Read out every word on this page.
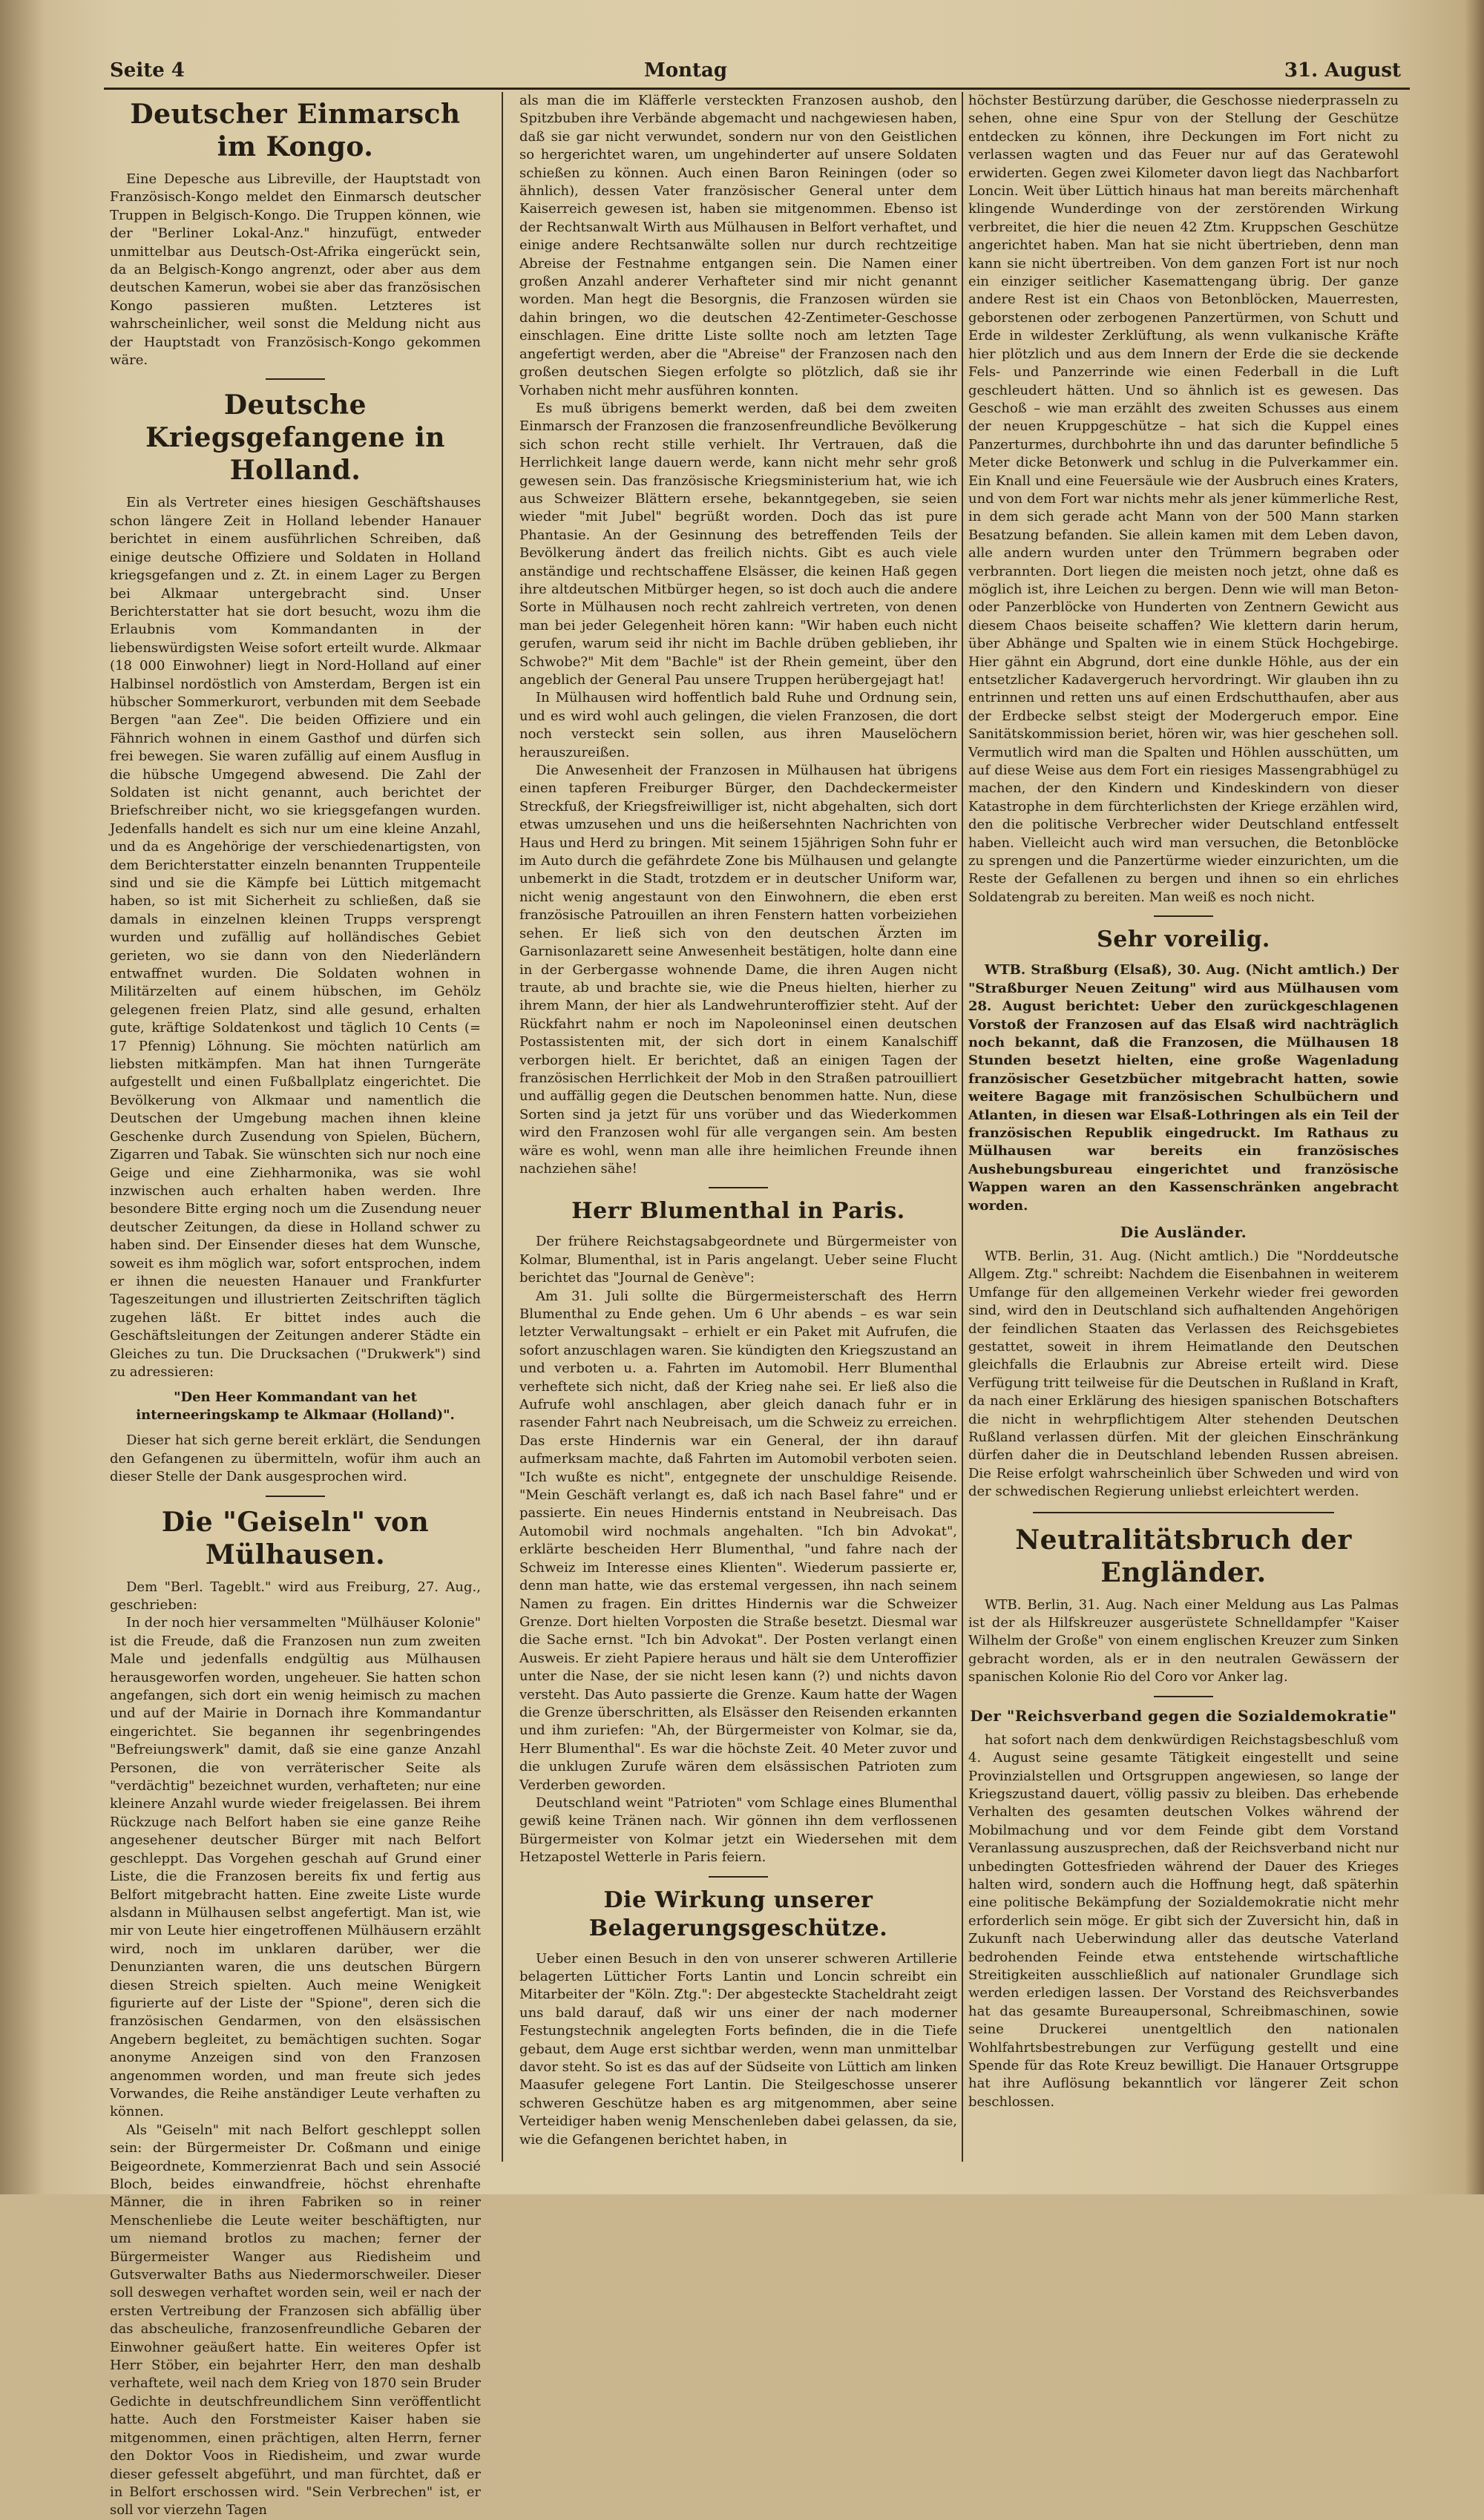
Seite 4	Montag	31. August
Deutscher Einmarsch im Kongo.

Eine Depesche aus Libreville, der Hauptstadt von Französisch-Kongo meldet den Einmarsch deutscher Truppen in Belgisch-Kongo. Die Truppen können, wie der "Berliner Lokal-Anz." hinzufügt, entweder unmittelbar aus Deutsch-Ost-Afrika eingerückt sein, da an Belgisch-Kongo angrenzt, oder aber aus dem deutschen Kamerun, wobei sie aber das französischen Kongo passieren mußten. Letzteres ist wahrscheinlicher, weil sonst die Meldung nicht aus der Hauptstadt von Französisch-Kongo gekommen wäre.

Deutsche Kriegsgefangene in Holland.

Ein als Vertreter eines hiesigen Geschäftshauses schon längere Zeit in Holland lebender Hanauer berichtet in einem ausführlichen Schreiben, daß einige deutsche Offiziere und Soldaten in Holland kriegsgefangen und z. Zt. in einem Lager zu Bergen bei Alkmaar untergebracht sind. Unser Berichterstatter hat sie dort besucht, wozu ihm die Erlaubnis vom Kommandanten in der liebenswürdigsten Weise sofort erteilt wurde. Alkmaar (18 000 Einwohner) liegt in Nord-Holland auf einer Halbinsel nordöstlich von Amsterdam, Bergen ist ein hübscher Sommerkurort, verbunden mit dem Seebade Bergen "aan Zee". Die beiden Offiziere und ein Fähnrich wohnen in einem Gasthof und dürfen sich frei bewegen. Sie waren zufällig auf einem Ausflug in die hübsche Umgegend abwesend. Die Zahl der Soldaten ist nicht genannt, auch berichtet der Briefschreiber nicht, wo sie kriegsgefangen wurden. Jedenfalls handelt es sich nur um eine kleine Anzahl, und da es Angehörige der verschiedenartigsten, von dem Berichterstatter einzeln benannten Truppenteile sind und sie die Kämpfe bei Lüttich mitgemacht haben, so ist mit Sicherheit zu schließen, daß sie damals in einzelnen kleinen Trupps versprengt wurden und zufällig auf holländisches Gebiet gerieten, wo sie dann von den Niederländern entwaffnet wurden. Die Soldaten wohnen in Militärzelten auf einem hübschen, im Gehölz gelegenen freien Platz, sind alle gesund, erhalten gute, kräftige Soldatenkost und täglich 10 Cents (= 17 Pfennig) Löhnung. Sie möchten natürlich am liebsten mitkämpfen. Man hat ihnen Turngeräte aufgestellt und einen Fußballplatz eingerichtet. Die Bevölkerung von Alkmaar und namentlich die Deutschen der Umgebung machen ihnen kleine Geschenke durch Zusendung von Spielen, Büchern, Zigarren und Tabak. Sie wünschten sich nur noch eine Geige und eine Ziehharmonika, was sie wohl inzwischen auch erhalten haben werden. Ihre besondere Bitte erging noch um die Zusendung neuer deutscher Zeitungen, da diese in Holland schwer zu haben sind. Der Einsender dieses hat dem Wunsche, soweit es ihm möglich war, sofort entsprochen, indem er ihnen die neuesten Hanauer und Frankfurter Tageszeitungen und illustrierten Zeitschriften täglich zugehen läßt. Er bittet indes auch die Geschäftsleitungen der Zeitungen anderer Städte ein Gleiches zu tun. Die Drucksachen ("Drukwerk") sind zu adressieren:

"Den Heer Kommandant van het interneeringskamp te Alkmaar (Holland)".

Dieser hat sich gerne bereit erklärt, die Sendungen den Gefangenen zu übermitteln, wofür ihm auch an dieser Stelle der Dank ausgesprochen wird.

Die "Geiseln" von Mülhausen.

Dem "Berl. Tageblt." wird aus Freiburg, 27. Aug., geschrieben:

In der noch hier versammelten "Mülhäuser Kolonie" ist die Freude, daß die Franzosen nun zum zweiten Male und jedenfalls endgültig aus Mülhausen herausgeworfen worden, ungeheuer. Sie hatten schon angefangen, sich dort ein wenig heimisch zu machen und auf der Mairie in Dornach ihre Kommandantur eingerichtet. Sie begannen ihr segenbringendes "Befreiungswerk" damit, daß sie eine ganze Anzahl Personen, die von verräterischer Seite als "verdächtig" bezeichnet wurden, verhafteten; nur eine kleinere Anzahl wurde wieder freigelassen. Bei ihrem Rückzuge nach Belfort haben sie eine ganze Reihe angesehener deutscher Bürger mit nach Belfort geschleppt. Das Vorgehen geschah auf Grund einer Liste, die die Franzosen bereits fix und fertig aus Belfort mitgebracht hatten. Eine zweite Liste wurde alsdann in Mülhausen selbst angefertigt. Man ist, wie mir von Leute hier eingetroffenen Mülhäusern erzählt wird, noch im unklaren darüber, wer die Denunzianten waren, die uns deutschen Bürgern diesen Streich spielten. Auch meine Wenigkeit figurierte auf der Liste der "Spione", deren sich die französischen Gendarmen, von den elsässischen Angebern begleitet, zu bemächtigen suchten. Sogar anonyme Anzeigen sind von den Franzosen angenommen worden, und man freute sich jedes Vorwandes, die Reihe anständiger Leute verhaften zu können.

Als "Geiseln" mit nach Belfort geschleppt sollen sein: der Bürgermeister Dr. Coßmann und einige Beigeordnete, Kommerzienrat Bach und sein Associé Bloch, beides einwandfreie, höchst ehrenhafte Männer, die in ihren Fabriken so in reiner Menschenliebe die Leute weiter beschäftigten, nur um niemand brotlos zu machen; ferner der Bürgermeister Wanger aus Riedisheim und Gutsverwalter Baths aus Niedermorschweiler. Dieser soll deswegen verhaftet worden sein, weil er nach der ersten Vertreibung der Franzosen sich abfällig über das abscheuliche, franzosenfreundliche Gebaren der Einwohner geäußert hatte. Ein weiteres Opfer ist Herr Stöber, ein bejahrter Herr, den man deshalb verhaftete, weil nach dem Krieg von 1870 sein Bruder Gedichte in deutschfreundlichem Sinn veröffentlicht hatte. Auch den Forstmeister Kaiser haben sie mitgenommen, einen prächtigen, alten Herrn, ferner den Doktor Voos in Riedisheim, und zwar wurde dieser gefesselt abgeführt, und man fürchtet, daß er in Belfort erschossen wird. "Sein Verbrechen" ist, er soll vor vierzehn Tagen

als man die im Kläfferle versteckten Franzosen aushob, den Spitzbuben ihre Verbände abgemacht und nachgewiesen haben, daß sie gar nicht verwundet, sondern nur von den Geistlichen so hergerichtet waren, um ungehinderter auf unsere Soldaten schießen zu können. Auch einen Baron Reiningen (oder so ähnlich), dessen Vater französischer General unter dem Kaiserreich gewesen ist, haben sie mitgenommen. Ebenso ist der Rechtsanwalt Wirth aus Mülhausen in Belfort verhaftet, und einige andere Rechtsanwälte sollen nur durch rechtzeitige Abreise der Festnahme entgangen sein. Die Namen einer großen Anzahl anderer Verhafteter sind mir nicht genannt worden. Man hegt die Besorgnis, die Franzosen würden sie dahin bringen, wo die deutschen 42-Zentimeter-Geschosse einschlagen. Eine dritte Liste sollte noch am letzten Tage angefertigt werden, aber die "Abreise" der Franzosen nach den großen deutschen Siegen erfolgte so plötzlich, daß sie ihr Vorhaben nicht mehr ausführen konnten.

Es muß übrigens bemerkt werden, daß bei dem zweiten Einmarsch der Franzosen die franzosenfreundliche Bevölkerung sich schon recht stille verhielt. Ihr Vertrauen, daß die Herrlichkeit lange dauern werde, kann nicht mehr sehr groß gewesen sein. Das französische Kriegsministerium hat, wie ich aus Schweizer Blättern ersehe, bekanntgegeben, sie seien wieder "mit Jubel" begrüßt worden. Doch das ist pure Phantasie. An der Gesinnung des betreffenden Teils der Bevölkerung ändert das freilich nichts. Gibt es auch viele anständige und rechtschaffene Elsässer, die keinen Haß gegen ihre altdeutschen Mitbürger hegen, so ist doch auch die andere Sorte in Mülhausen noch recht zahlreich vertreten, von denen man bei jeder Gelegenheit hören kann: "Wir haben euch nicht gerufen, warum seid ihr nicht im Bachle drüben geblieben, ihr Schwobe?" Mit dem "Bachle" ist der Rhein gemeint, über den angeblich der General Pau unsere Truppen herübergejagt hat!

In Mülhausen wird hoffentlich bald Ruhe und Ordnung sein, und es wird wohl auch gelingen, die vielen Franzosen, die dort noch versteckt sein sollen, aus ihren Mauselöchern herauszureißen.

Die Anwesenheit der Franzosen in Mülhausen hat übrigens einen tapferen Freiburger Bürger, den Dachdeckermeister Streckfuß, der Kriegsfreiwilliger ist, nicht abgehalten, sich dort etwas umzusehen und uns die heißersehnten Nachrichten von Haus und Herd zu bringen. Mit seinem 15jährigen Sohn fuhr er im Auto durch die gefährdete Zone bis Mülhausen und gelangte unbemerkt in die Stadt, trotzdem er in deutscher Uniform war, nicht wenig angestaunt von den Einwohnern, die eben erst französische Patrouillen an ihren Fenstern hatten vorbeiziehen sehen. Er ließ sich von den deutschen Ärzten im Garnisonlazarett seine Anwesenheit bestätigen, holte dann eine in der Gerbergasse wohnende Dame, die ihren Augen nicht traute, ab und brachte sie, wie die Pneus hielten, hierher zu ihrem Mann, der hier als Landwehrunteroffizier steht. Auf der Rückfahrt nahm er noch im Napoleoninsel einen deutschen Postassistenten mit, der sich dort in einem Kanalschiff verborgen hielt. Er berichtet, daß an einigen Tagen der französischen Herrlichkeit der Mob in den Straßen patrouilliert und auffällig gegen die Deutschen benommen hatte. Nun, diese Sorten sind ja jetzt für uns vorüber und das Wiederkommen wird den Franzosen wohl für alle vergangen sein. Am besten wäre es wohl, wenn man alle ihre heimlichen Freunde ihnen nachziehen sähe!

Herr Blumenthal in Paris.

Der frühere Reichstagsabgeordnete und Bürgermeister von Kolmar, Blumenthal, ist in Paris angelangt. Ueber seine Flucht berichtet das "Journal de Genève":

Am 31. Juli sollte die Bürgermeisterschaft des Herrn Blumenthal zu Ende gehen. Um 6 Uhr abends – es war sein letzter Verwaltungsakt – erhielt er ein Paket mit Aufrufen, die sofort anzuschlagen waren. Sie kündigten den Kriegszustand an und verboten u. a. Fahrten im Automobil. Herr Blumenthal verheftete sich nicht, daß der Krieg nahe sei. Er ließ also die Aufrufe wohl anschlagen, aber gleich danach fuhr er in rasender Fahrt nach Neubreisach, um die Schweiz zu erreichen. Das erste Hindernis war ein General, der ihn darauf aufmerksam machte, daß Fahrten im Automobil verboten seien. "Ich wußte es nicht", entgegnete der unschuldige Reisende. "Mein Geschäft verlangt es, daß ich nach Basel fahre" und er passierte. Ein neues Hindernis entstand in Neubreisach. Das Automobil wird nochmals angehalten. "Ich bin Advokat", erklärte bescheiden Herr Blumenthal, "und fahre nach der Schweiz im Interesse eines Klienten". Wiederum passierte er, denn man hatte, wie das erstemal vergessen, ihn nach seinem Namen zu fragen. Ein drittes Hindernis war die Schweizer Grenze. Dort hielten Vorposten die Straße besetzt. Diesmal war die Sache ernst. "Ich bin Advokat". Der Posten verlangt einen Ausweis. Er zieht Papiere heraus und hält sie dem Unteroffizier unter die Nase, der sie nicht lesen kann (?) und nichts davon versteht. Das Auto passierte die Grenze. Kaum hatte der Wagen die Grenze überschritten, als Elsässer den Reisenden erkannten und ihm zuriefen: "Ah, der Bürgermeister von Kolmar, sie da, Herr Blumenthal". Es war die höchste Zeit. 40 Meter zuvor und die unklugen Zurufe wären dem elsässischen Patrioten zum Verderben geworden.

Deutschland weint "Patrioten" vom Schlage eines Blumenthal gewiß keine Tränen nach. Wir gönnen ihn dem verflossenen Bürgermeister von Kolmar jetzt ein Wiedersehen mit dem Hetzapostel Wetterle in Paris feiern.

Die Wirkung unserer Belagerungsgeschütze.

Ueber einen Besuch in den von unserer schweren Artillerie belagerten Lütticher Forts Lantin und Loncin schreibt ein Mitarbeiter der "Köln. Ztg.": Der abgesteckte Stacheldraht zeigt uns bald darauf, daß wir uns einer der nach moderner Festungstechnik angelegten Forts befinden, die in die Tiefe gebaut, dem Auge erst sichtbar werden, wenn man unmittelbar davor steht. So ist es das auf der Südseite von Lüttich am linken Maasufer gelegene Fort Lantin. Die Steilgeschosse unserer schweren Geschütze haben es arg mitgenommen, aber seine Verteidiger haben wenig Menschenleben dabei gelassen, da sie, wie die Gefangenen berichtet haben, in

höchster Bestürzung darüber, die Geschosse niederprasseln zu sehen, ohne eine Spur von der Stellung der Geschütze entdecken zu können, ihre Deckungen im Fort nicht zu verlassen wagten und das Feuer nur auf das Geratewohl erwiderten. Gegen zwei Kilometer davon liegt das Nachbarfort Loncin. Weit über Lüttich hinaus hat man bereits märchenhaft klingende Wunderdinge von der zerstörenden Wirkung verbreitet, die hier die neuen 42 Ztm. Kruppschen Geschütze angerichtet haben. Man hat sie nicht übertrieben, denn man kann sie nicht übertreiben. Von dem ganzen Fort ist nur noch ein einziger seitlicher Kasemattengang übrig. Der ganze andere Rest ist ein Chaos von Betonblöcken, Mauerresten, geborstenen oder zerbogenen Panzertürmen, von Schutt und Erde in wildester Zerklüftung, als wenn vulkanische Kräfte hier plötzlich und aus dem Innern der Erde die sie deckende Fels- und Panzerrinde wie einen Federball in die Luft geschleudert hätten. Und so ähnlich ist es gewesen. Das Geschoß – wie man erzählt des zweiten Schusses aus einem der neuen Kruppgeschütze – hat sich die Kuppel eines Panzerturmes, durchbohrte ihn und das darunter befindliche 5 Meter dicke Betonwerk und schlug in die Pulverkammer ein. Ein Knall und eine Feuersäule wie der Ausbruch eines Kraters, und von dem Fort war nichts mehr als jener kümmerliche Rest, in dem sich gerade acht Mann von der 500 Mann starken Besatzung befanden. Sie allein kamen mit dem Leben davon, alle andern wurden unter den Trümmern begraben oder verbrannten. Dort liegen die meisten noch jetzt, ohne daß es möglich ist, ihre Leichen zu bergen. Denn wie will man Beton- oder Panzerblöcke von Hunderten von Zentnern Gewicht aus diesem Chaos beiseite schaffen? Wie klettern darin herum, über Abhänge und Spalten wie in einem Stück Hochgebirge. Hier gähnt ein Abgrund, dort eine dunkle Höhle, aus der ein entsetzlicher Kadavergeruch hervordringt. Wir glauben ihn zu entrinnen und retten uns auf einen Erdschutthaufen, aber aus der Erdbecke selbst steigt der Modergeruch empor. Eine Sanitätskommission beriet, hören wir, was hier geschehen soll. Vermutlich wird man die Spalten und Höhlen ausschütten, um auf diese Weise aus dem Fort ein riesiges Massengrabhügel zu machen, der den Kindern und Kindeskindern von dieser Katastrophe in dem fürchterlichsten der Kriege erzählen wird, den die politische Verbrecher wider Deutschland entfesselt haben. Vielleicht auch wird man versuchen, die Betonblöcke zu sprengen und die Panzertürme wieder einzurichten, um die Reste der Gefallenen zu bergen und ihnen so ein ehrliches Soldatengrab zu bereiten. Man weiß es noch nicht.

Sehr voreilig.

WTB. Straßburg (Elsaß), 30. Aug. (Nicht amtlich.) Der "Straßburger Neuen Zeitung" wird aus Mülhausen vom 28. August berichtet: Ueber den zurückgeschlagenen Vorstoß der Franzosen auf das Elsaß wird nachträglich noch bekannt, daß die Franzosen, die Mülhausen 18 Stunden besetzt hielten, eine große Wagenladung französischer Gesetzbücher mitgebracht hatten, sowie weitere Bagage mit französischen Schulbüchern und Atlanten, in diesen war Elsaß-Lothringen als ein Teil der französischen Republik eingedruckt. Im Rathaus zu Mülhausen war bereits ein französisches Aushebungsbureau eingerichtet und französische Wappen waren an den Kassenschränken angebracht worden.

Die Ausländer.

WTB. Berlin, 31. Aug. (Nicht amtlich.) Die "Norddeutsche Allgem. Ztg." schreibt: Nachdem die Eisenbahnen in weiterem Umfange für den allgemeinen Verkehr wieder frei geworden sind, wird den in Deutschland sich aufhaltenden Angehörigen der feindlichen Staaten das Verlassen des Reichsgebietes gestattet, soweit in ihrem Heimatlande den Deutschen gleichfalls die Erlaubnis zur Abreise erteilt wird. Diese Verfügung tritt teilweise für die Deutschen in Rußland in Kraft, da nach einer Erklärung des hiesigen spanischen Botschafters die nicht in wehrpflichtigem Alter stehenden Deutschen Rußland verlassen dürfen. Mit der gleichen Einschränkung dürfen daher die in Deutschland lebenden Russen abreisen. Die Reise erfolgt wahrscheinlich über Schweden und wird von der schwedischen Regierung unliebst erleichtert werden.

Neutralitätsbruch der Engländer.

WTB. Berlin, 31. Aug. Nach einer Meldung aus Las Palmas ist der als Hilfskreuzer ausgerüstete Schnelldampfer "Kaiser Wilhelm der Große" von einem englischen Kreuzer zum Sinken gebracht worden, als er in den neutralen Gewässern der spanischen Kolonie Rio del Coro vor Anker lag.

Der "Reichsverband gegen die Sozialdemokratie"

hat sofort nach dem denkwürdigen Reichstagsbeschluß vom 4. August seine gesamte Tätigkeit eingestellt und seine Provinzialstellen und Ortsgruppen angewiesen, so lange der Kriegszustand dauert, völlig passiv zu bleiben. Das erhebende Verhalten des gesamten deutschen Volkes während der Mobilmachung und vor dem Feinde gibt dem Vorstand Veranlassung auszusprechen, daß der Reichsverband nicht nur unbedingten Gottesfrieden während der Dauer des Krieges halten wird, sondern auch die Hoffnung hegt, daß späterhin eine politische Bekämpfung der Sozialdemokratie nicht mehr erforderlich sein möge. Er gibt sich der Zuversicht hin, daß in Zukunft nach Ueberwindung aller das deutsche Vaterland bedrohenden Feinde etwa entstehende wirtschaftliche Streitigkeiten ausschließlich auf nationaler Grundlage sich werden erledigen lassen. Der Vorstand des Reichsverbandes hat das gesamte Bureaupersonal, Schreibmaschinen, sowie seine Druckerei unentgeltlich den nationalen Wohlfahrtsbestrebungen zur Verfügung gestellt und eine Spende für das Rote Kreuz bewilligt. Die Hanauer Ortsgruppe hat ihre Auflösung bekanntlich vor längerer Zeit schon beschlossen.
